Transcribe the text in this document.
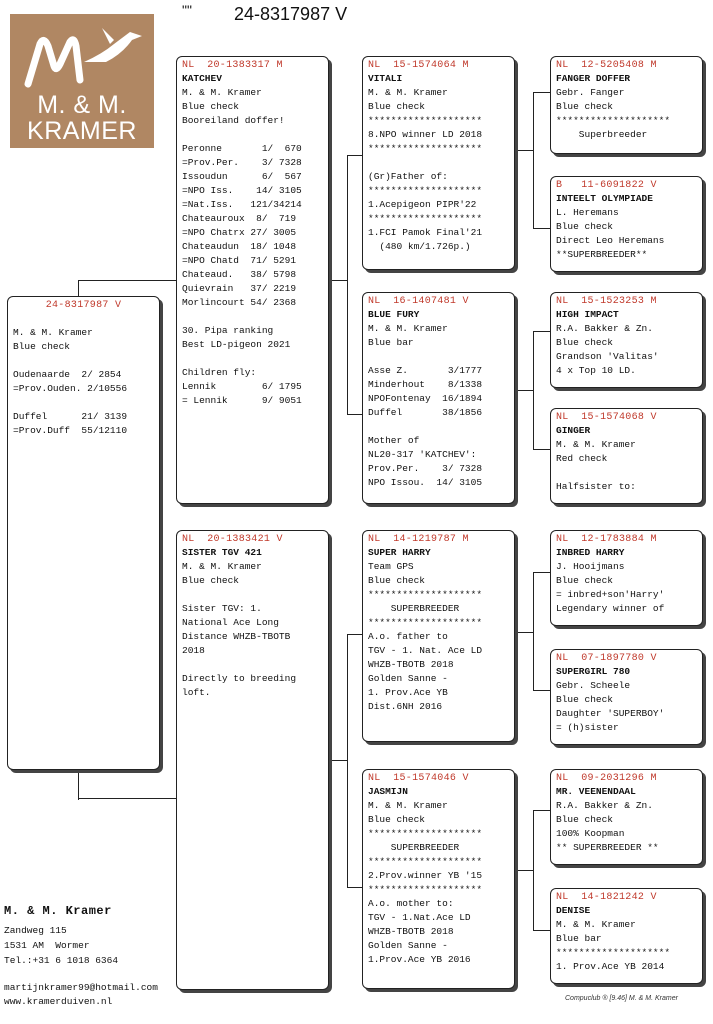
M. & M.
KRAMER
"" 24-8317987 V
24-8317987 V
M. & M. Kramer
Blue check
Oudenaarde  2/ 2854
=Prov.Ouden. 2/10556
Duffel      21/ 3139
=Prov.Duff  55/12110
NL  20-1383317 M
KATCHEV
M. & M. Kramer
Blue check
Booreiland doffer!
Peronne       1/  670
=Prov.Per.    3/ 7328
Issoudun      6/  567
=NPO Iss.    14/ 3105
=Nat.Iss.   121/34214
Chateauroux  8/  719
=NPO Chatrx 27/ 3005
Chateaudun  18/ 1048
=NPO Chatd  71/ 5291
Chateaud.   38/ 5798
Quievrain   37/ 2219
Morlincourt 54/ 2368
30. Pipa ranking
Best LD-pigeon 2021
Children fly:
Lennik        6/ 1795
= Lennik      9/ 9051
NL  20-1383421 V
SISTER TGV 421
M. & M. Kramer
Blue check
Sister TGV: 1.
National Ace Long
Distance WHZB-TBOTB
2018
Directly to breeding
loft.
NL  15-1574064 M
VITALI
M. & M. Kramer
Blue check
********************
8.NPO winner LD 2018
********************
(Gr)Father of:
********************
1.Acepigeon PIPR'22
********************
1.FCI Pamok Final'21
(480 km/1.726p.)
NL  16-1407481 V
BLUE FURY
M. & M. Kramer
Blue bar
Asse Z.       3/1777
Minderhout    8/1338
NPOFontenay  16/1894
Duffel       38/1856
Mother of
NL20-317 'KATCHEV':
Prov.Per.    3/ 7328
NPO Issou.  14/ 3105
NL  14-1219787 M
SUPER HARRY
Team GPS
Blue check
********************
SUPERBREEDER
********************
A.o. father to
TGV - 1. Nat. Ace LD
WHZB-TBOTB 2018
Golden Sanne -
1. Prov.Ace YB
Dist.6NH 2016
NL  15-1574046 V
JASMIJN
M. & M. Kramer
Blue check
********************
SUPERBREEDER
********************
2.Prov.winner YB '15
********************
A.o. mother to:
TGV - 1.Nat.Ace LD
WHZB-TBOTB 2018
Golden Sanne -
1.Prov.Ace YB 2016
NL  12-5205408 M
FANGER DOFFER
Gebr. Fanger
Blue check
********************
Superbreeder
B   11-6091822 V
INTEELT OLYMPIADE
L. Heremans
Blue check
Direct Leo Heremans
**SUPERBREEDER**
NL  15-1523253 M
HIGH IMPACT
R.A. Bakker & Zn.
Blue check
Grandson 'Valitas'
4 x Top 10 LD.
NL  15-1574068 V
GINGER
M. & M. Kramer
Red check
Halfsister to:
NL  12-1783884 M
INBRED HARRY
J. Hooijmans
Blue check
= inbred+son'Harry'
Legendary winner of
NL  07-1897780 V
SUPERGIRL 780
Gebr. Scheele
Blue check
Daughter 'SUPERBOY'
= (h)sister
NL  09-2031296 M
MR. VEENENDAAL
R.A. Bakker & Zn.
Blue check
100% Koopman
** SUPERBREEDER **
NL  14-1821242 V
DENISE
M. & M. Kramer
Blue bar
********************
1. Prov.Ace YB 2014
M. & M. Kramer
Zandweg 115
1531 AM  Wormer
Tel.:+31 6 1018 6364
martijnkramer99@hotmail.com
www.kramerduiven.nl	Compuclub ® [9.46] M. & M. Kramer
